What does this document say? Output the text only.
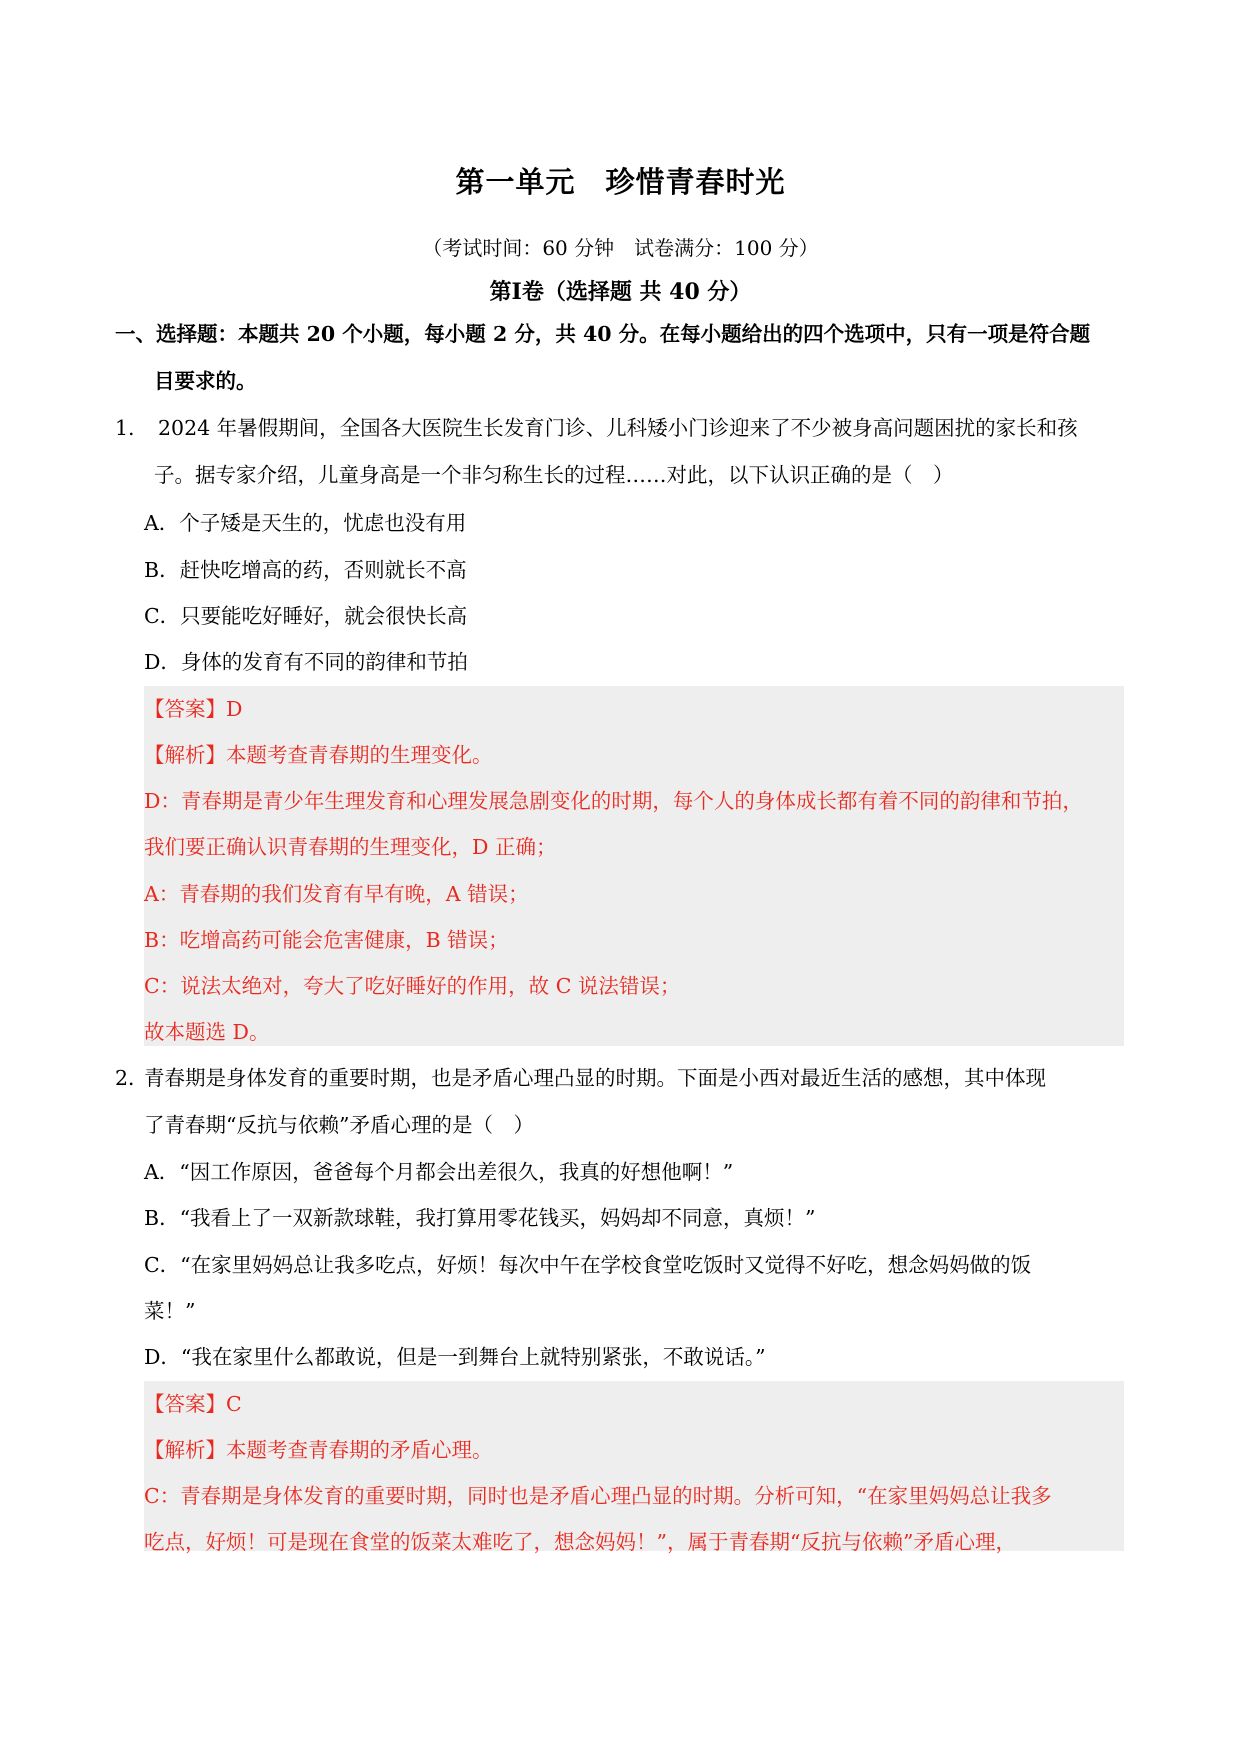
第一单元　珍惜青春时光
（考试时间：60 分钟　试卷满分：100 分）
第Ⅰ卷（选择题 共 40 分）
一、选择题：本题共 20 个小题，每小题 2 分，共 40 分。在每小题给出的四个选项中，只有一项是符合题
目要求的。
1. 2024 年暑假期间，全国各大医院生长发育门诊、儿科矮小门诊迎来了不少被身高问题困扰的家长和孩
子。据专家介绍，儿童身高是一个非匀称生长的过程……对此，以下认识正确的是（　）
A．个子矮是天生的，忧虑也没有用
B．赶快吃增高的药，否则就长不高
C．只要能吃好睡好，就会很快长高
D．身体的发育有不同的韵律和节拍
【答案】D
【解析】本题考查青春期的生理变化。
D：青春期是青少年生理发育和心理发展急剧变化的时期，每个人的身体成长都有着不同的韵律和节拍，
我们要正确认识青春期的生理变化，D 正确；
A：青春期的我们发育有早有晚，A 错误；
B：吃增高药可能会危害健康，B 错误；
C：说法太绝对，夸大了吃好睡好的作用，故 C 说法错误；
故本题选 D。
2．
青春期是身体发育的重要时期，也是矛盾心理凸显的时期。下面是小西对最近生活的感想，其中体现
了青春期“反抗与依赖”矛盾心理的是（　）
A．“因工作原因，爸爸每个月都会出差很久，我真的好想他啊！”
B．“我看上了一双新款球鞋，我打算用零花钱买，妈妈却不同意，真烦！”
C．“在家里妈妈总让我多吃点，好烦！每次中午在学校食堂吃饭时又觉得不好吃，想念妈妈做的饭
菜！”
D．“我在家里什么都敢说，但是一到舞台上就特别紧张，不敢说话。”
【答案】C
【解析】本题考查青春期的矛盾心理。
C：青春期是身体发育的重要时期，同时也是矛盾心理凸显的时期。分析可知，“在家里妈妈总让我多
吃点，好烦！可是现在食堂的饭菜太难吃了，想念妈妈！”，属于青春期“反抗与依赖”矛盾心理，
